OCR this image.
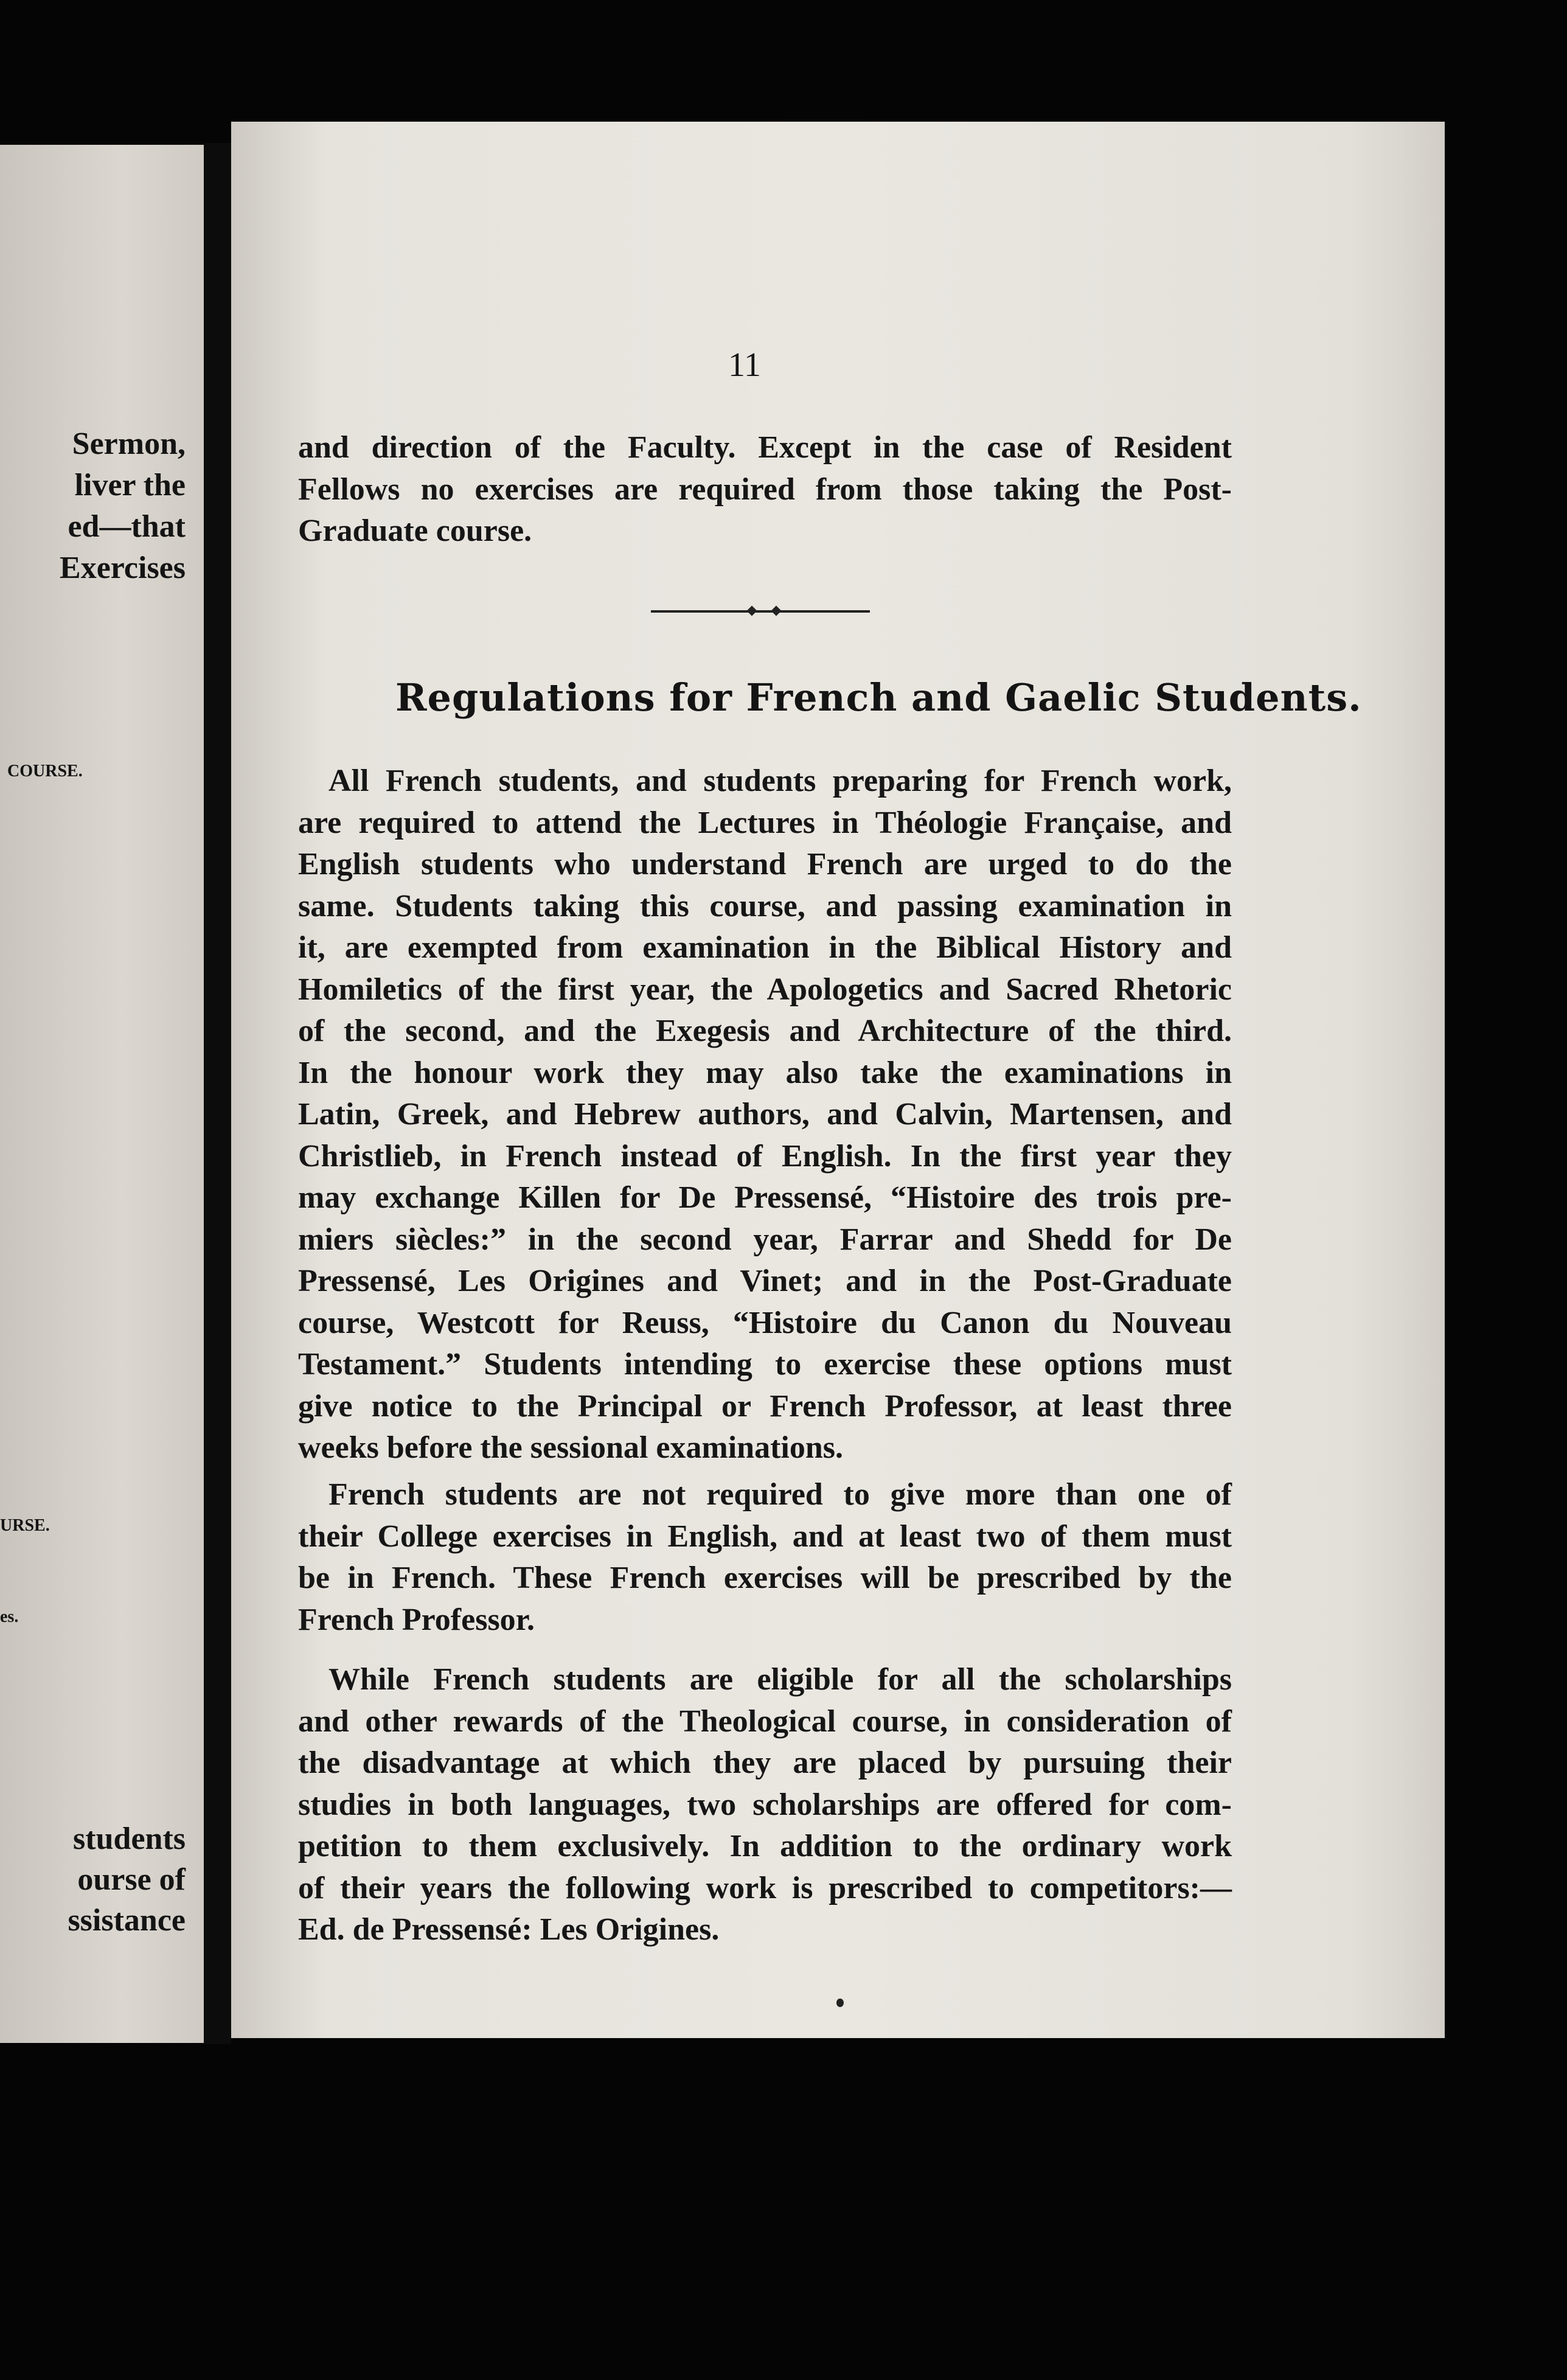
Sermon,
liver the
ed—that
Exercises
COURSE.
URSE.
es.
students
ourse of
ssistance
11
and direction of the Faculty. Except in the case of Resident
Fellows no exercises are required from those taking the Post-
Graduate course.
Regulations for French and Gaelic Students.
All French students, and students preparing for French work,
are required to attend the Lectures in Théologie Française, and
English students who understand French are urged to do the
same. Students taking this course, and passing examination in
it, are exempted from examination in the Biblical History and
Homiletics of the first year, the Apologetics and Sacred Rhetoric
of the second, and the Exegesis and Architecture of the third.
In the honour work they may also take the examinations in
Latin, Greek, and Hebrew authors, and Calvin, Martensen, and
Christlieb, in French instead of English. In the first year they
may exchange Killen for De Pressensé, “Histoire des trois pre-
miers siècles:” in the second year, Farrar and Shedd for De
Pressensé, Les Origines and Vinet; and in the Post-Graduate
course, Westcott for Reuss, “Histoire du Canon du Nouveau
Testament.” Students intending to exercise these options must
give notice to the Principal or French Professor, at least three
weeks before the sessional examinations.
French students are not required to give more than one of
their College exercises in English, and at least two of them must
be in French. These French exercises will be prescribed by the
French Professor.
While French students are eligible for all the scholarships
and other rewards of the Theological course, in consideration of
the disadvantage at which they are placed by pursuing their
studies in both languages, two scholarships are offered for com-
petition to them exclusively. In addition to the ordinary work
of their years the following work is prescribed to competitors:—
Ed. de Pressensé: Les Origines.
